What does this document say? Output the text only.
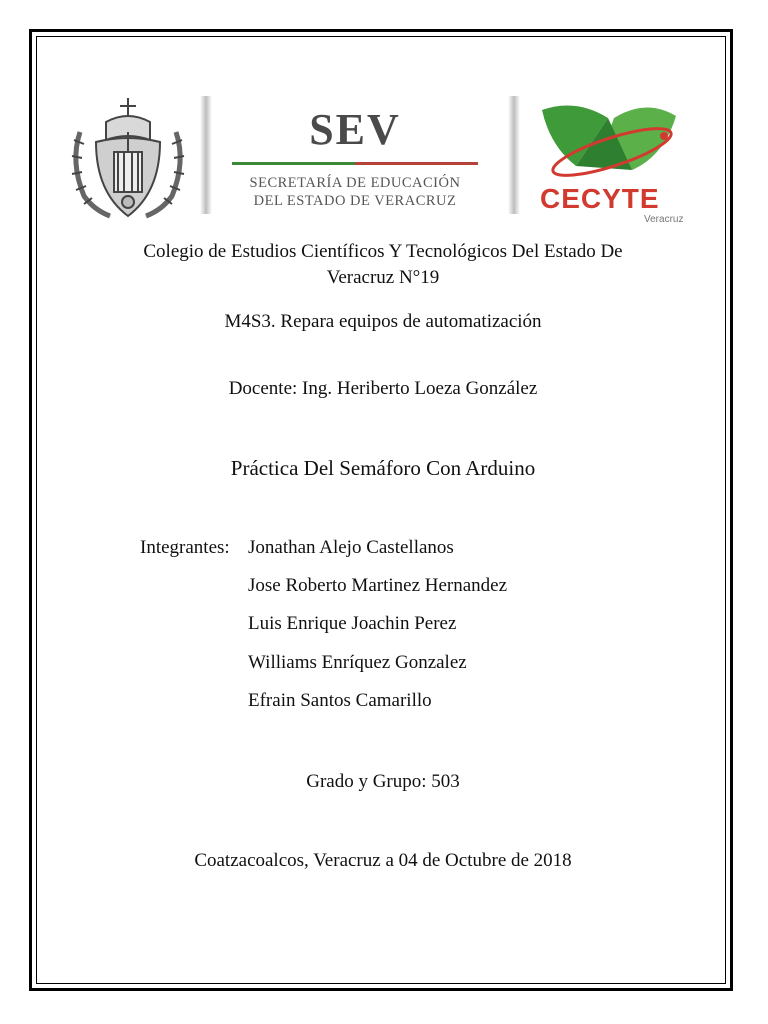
SEV
SECRETARÍA DE EDUCACIÓN
DEL ESTADO DE VERACRUZ	CECYTE
Veracruz
Colegio de Estudios Científicos Y Tecnológicos Del Estado De
Veracruz N°19
M4S3. Repara equipos de automatización
Docente: Ing. Heriberto Loeza González
Práctica Del Semáforo Con Arduino
Integrantes: Jonathan Alejo Castellanos
Jose Roberto Martinez Hernandez
Luis Enrique Joachin Perez
Williams Enríquez Gonzalez
Efrain Santos Camarillo
Grado y Grupo: 503
Coatzacoalcos, Veracruz a 04 de Octubre de 2018
